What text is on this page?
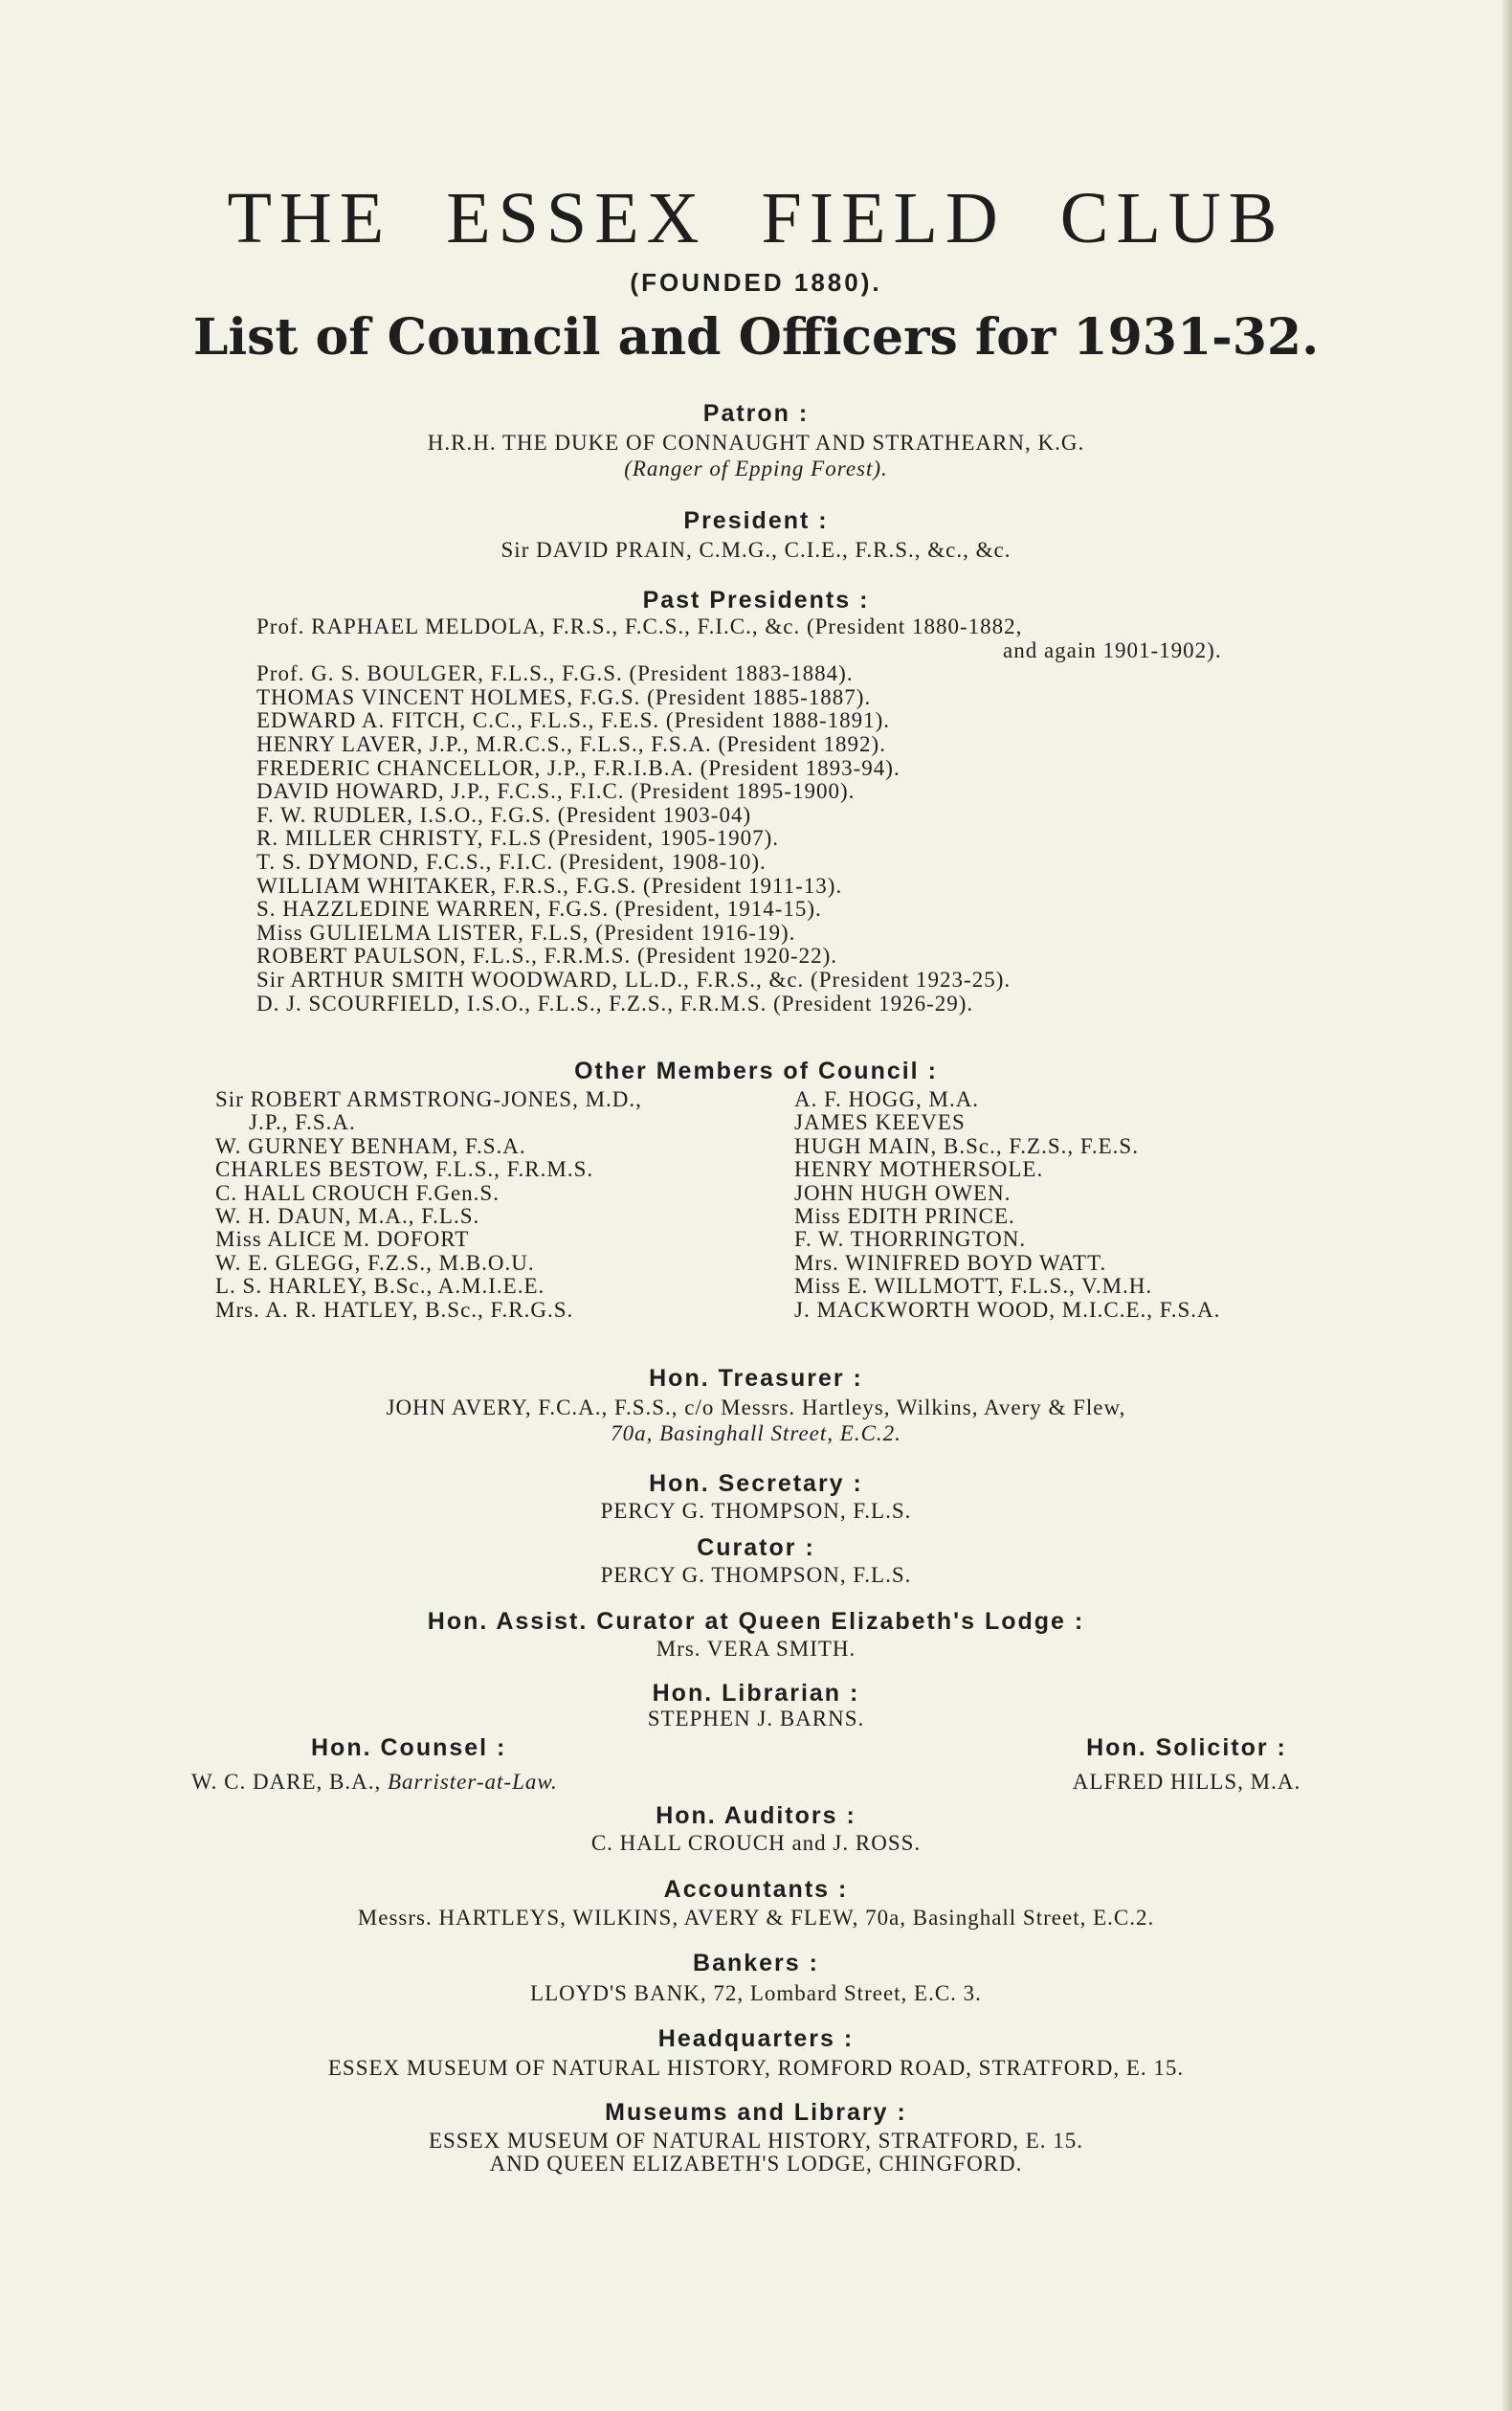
THE ESSEX FIELD CLUB
(FOUNDED 1880).
List of Council and Officers for 1931-32.
Patron :
H.R.H. THE DUKE OF CONNAUGHT AND STRATHEARN, K.G.
(Ranger of Epping Forest).
President :
Sir DAVID PRAIN, C.M.G., C.I.E., F.R.S., &c., &c.
Past Presidents :
Prof. RAPHAEL MELDOLA, F.R.S., F.C.S., F.I.C., &c. (President 1880-1882,
and again 1901-1902).
Prof. G. S. BOULGER, F.L.S., F.G.S. (President 1883-1884).
THOMAS VINCENT HOLMES, F.G.S. (President 1885-1887).
EDWARD A. FITCH, C.C., F.L.S., F.E.S. (President 1888-1891).
HENRY LAVER, J.P., M.R.C.S., F.L.S., F.S.A. (President 1892).
FREDERIC CHANCELLOR, J.P., F.R.I.B.A. (President 1893-94).
DAVID HOWARD, J.P., F.C.S., F.I.C. (President 1895-1900).
F. W. RUDLER, I.S.O., F.G.S. (President 1903-04)
R. MILLER CHRISTY, F.L.S (President, 1905-1907).
T. S. DYMOND, F.C.S., F.I.C. (President, 1908-10).
WILLIAM WHITAKER, F.R.S., F.G.S. (President 1911-13).
S. HAZZLEDINE WARREN, F.G.S. (President, 1914-15).
Miss GULIELMA LISTER, F.L.S, (President 1916-19).
ROBERT PAULSON, F.L.S., F.R.M.S. (President 1920-22).
Sir ARTHUR SMITH WOODWARD, LL.D., F.R.S., &c. (President 1923-25).
D. J. SCOURFIELD, I.S.O., F.L.S., F.Z.S., F.R.M.S. (President 1926-29).
Other Members of Council :
Sir ROBERT ARMSTRONG-JONES, M.D.,
J.P., F.S.A.
W. GURNEY BENHAM, F.S.A.
CHARLES BESTOW, F.L.S., F.R.M.S.
C. HALL CROUCH F.Gen.S.
W. H. DAUN, M.A., F.L.S.
Miss ALICE M. DOFORT
W. E. GLEGG, F.Z.S., M.B.O.U.
L. S. HARLEY, B.Sc., A.M.I.E.E.
Mrs. A. R. HATLEY, B.Sc., F.R.G.S.
A. F. HOGG, M.A.
JAMES KEEVES
HUGH MAIN, B.Sc., F.Z.S., F.E.S.
HENRY MOTHERSOLE.
JOHN HUGH OWEN.
Miss EDITH PRINCE.
F. W. THORRINGTON.
Mrs. WINIFRED BOYD WATT.
Miss E. WILLMOTT, F.L.S., V.M.H.
J. MACKWORTH WOOD, M.I.C.E., F.S.A.
Hon. Treasurer :
JOHN AVERY, F.C.A., F.S.S., c/o Messrs. Hartleys, Wilkins, Avery & Flew,
70a, Basinghall Street, E.C.2.
Hon. Secretary :
PERCY G. THOMPSON, F.L.S.
Curator :
PERCY G. THOMPSON, F.L.S.
Hon. Assist. Curator at Queen Elizabeth's Lodge :
Mrs. VERA SMITH.
Hon. Librarian :
STEPHEN J. BARNS.
Hon. Counsel :
W. C. DARE, B.A., Barrister-at-Law.
Hon. Solicitor :
ALFRED HILLS, M.A.
Hon. Auditors :
C. HALL CROUCH and J. ROSS.
Accountants :
Messrs. HARTLEYS, WILKINS, AVERY & FLEW, 70a, Basinghall Street, E.C.2.
Bankers :
LLOYD'S BANK, 72, Lombard Street, E.C. 3.
Headquarters :
ESSEX MUSEUM OF NATURAL HISTORY, ROMFORD ROAD, STRATFORD, E. 15.
Museums and Library :
ESSEX MUSEUM OF NATURAL HISTORY, STRATFORD, E. 15.
AND QUEEN ELIZABETH'S LODGE, CHINGFORD.
